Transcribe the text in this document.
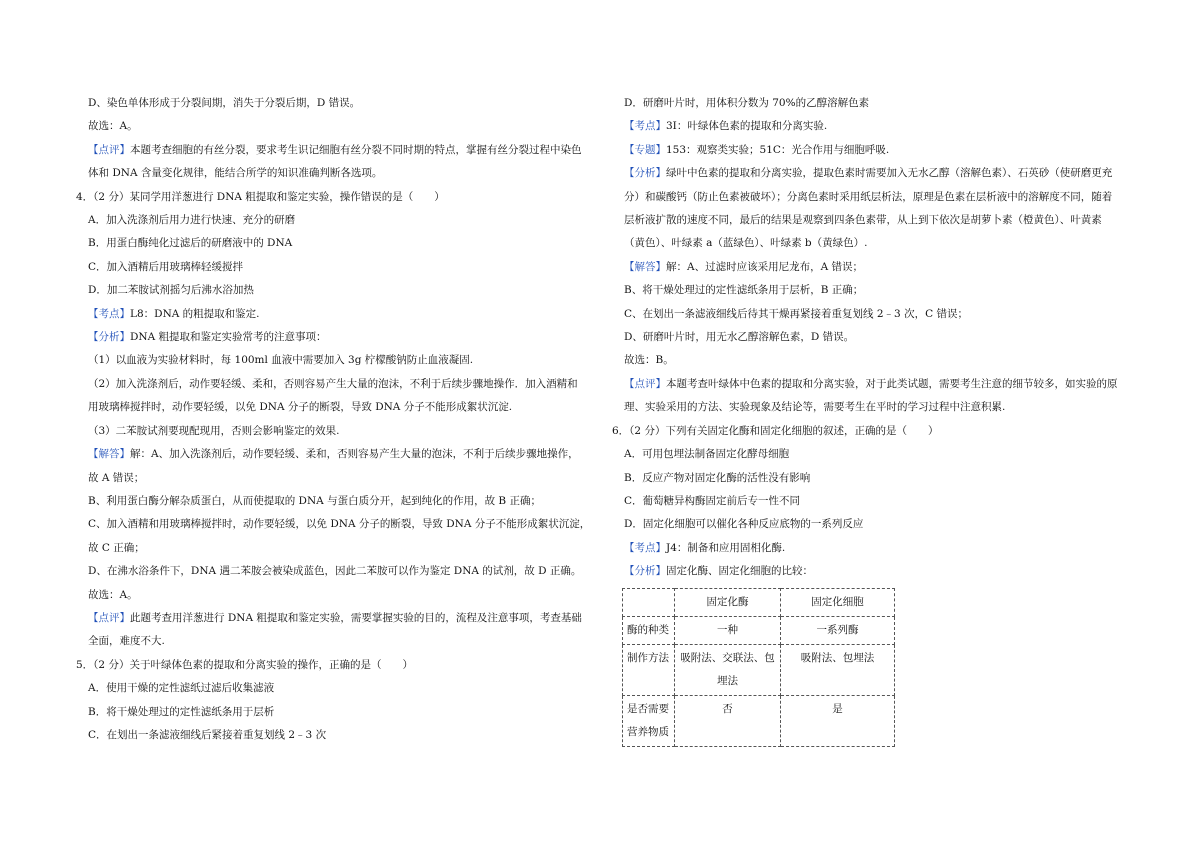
D、染色单体形成于分裂间期，消失于分裂后期，D 错误。
故选：A。
【点评】本题考查细胞的有丝分裂，要求考生识记细胞有丝分裂不同时期的特点，掌握有丝分裂过程中染色
体和 DNA 含量变化规律，能结合所学的知识准确判断各选项。
4．（2 分）某同学用洋葱进行 DNA 粗提取和鉴定实验，操作错误的是（　　）
A．加入洗涤剂后用力进行快速、充分的研磨
B．用蛋白酶纯化过滤后的研磨液中的 DNA
C．加入酒精后用玻璃棒轻缓搅拌
D．加二苯胺试剂摇匀后沸水浴加热
【考点】L8：DNA 的粗提取和鉴定.
【分析】DNA 粗提取和鉴定实验常考的注意事项：
（1）以血液为实验材料时，每 100ml 血液中需要加入 3g 柠檬酸钠防止血液凝固.
（2）加入洗涤剂后，动作要轻缓、柔和，否则容易产生大量的泡沫，不利于后续步骤地操作．加入酒精和
用玻璃棒搅拌时，动作要轻缓，以免 DNA 分子的断裂，导致 DNA 分子不能形成絮状沉淀.
（3）二苯胺试剂要现配现用，否则会影响鉴定的效果.
【解答】解：A、加入洗涤剂后，动作要轻缓、柔和，否则容易产生大量的泡沫，不利于后续步骤地操作，
故 A 错误；
B、利用蛋白酶分解杂质蛋白，从而使提取的 DNA 与蛋白质分开，起到纯化的作用，故 B 正确；
C、加入酒精和用玻璃棒搅拌时，动作要轻缓，以免 DNA 分子的断裂，导致 DNA 分子不能形成絮状沉淀，
故 C 正确；
D、在沸水浴条件下，DNA 遇二苯胺会被染成蓝色，因此二苯胺可以作为鉴定 DNA 的试剂，故 D 正确。
故选：A。
【点评】此题考查用洋葱进行 DNA 粗提取和鉴定实验，需要掌握实验的目的，流程及注意事项，考查基础
全面，难度不大.
5．（2 分）关于叶绿体色素的提取和分离实验的操作，正确的是（　　）
A．使用干燥的定性滤纸过滤后收集滤液
B．将干燥处理过的定性滤纸条用于层析
C．在划出一条滤液细线后紧接着重复划线 2﹣3 次
D．研磨叶片时，用体积分数为 70%的乙醇溶解色素
【考点】3I：叶绿体色素的提取和分离实验.
【专题】153：观察类实验；51C：光合作用与细胞呼吸.
【分析】绿叶中色素的提取和分离实验，提取色素时需要加入无水乙醇（溶解色素）、石英砂（使研磨更充
分）和碳酸钙（防止色素被破坏）；分离色素时采用纸层析法，原理是色素在层析液中的溶解度不同，随着
层析液扩散的速度不同，最后的结果是观察到四条色素带，从上到下依次是胡萝卜素（橙黄色）、叶黄素
（黄色）、叶绿素 a（蓝绿色）、叶绿素 b（黄绿色）.
【解答】解：A、过滤时应该采用尼龙布，A 错误；
B、将干燥处理过的定性滤纸条用于层析，B 正确；
C、在划出一条滤液细线后待其干燥再紧接着重复划线 2﹣3 次，C 错误；
D、研磨叶片时，用无水乙醇溶解色素，D 错误。
故选：B。
【点评】本题考查叶绿体中色素的提取和分离实验，对于此类试题，需要考生注意的细节较多，如实验的原
理、实验采用的方法、实验现象及结论等，需要考生在平时的学习过程中注意积累.
6．（2 分）下列有关固定化酶和固定化细胞的叙述，正确的是（　　）
A．可用包埋法制备固定化酵母细胞
B．反应产物对固定化酶的活性没有影响
C．葡萄糖异构酶固定前后专一性不同
D．固定化细胞可以催化各种反应底物的一系列反应
【考点】J4：制备和应用固相化酶.
【分析】固定化酶、固定化细胞的比较：
	固定化酶	固定化细胞
酶的种类	一种	一系列酶
制作方法	吸附法、交联法、包埋法	吸附法、包埋法
是否需要营养物质	否	是
